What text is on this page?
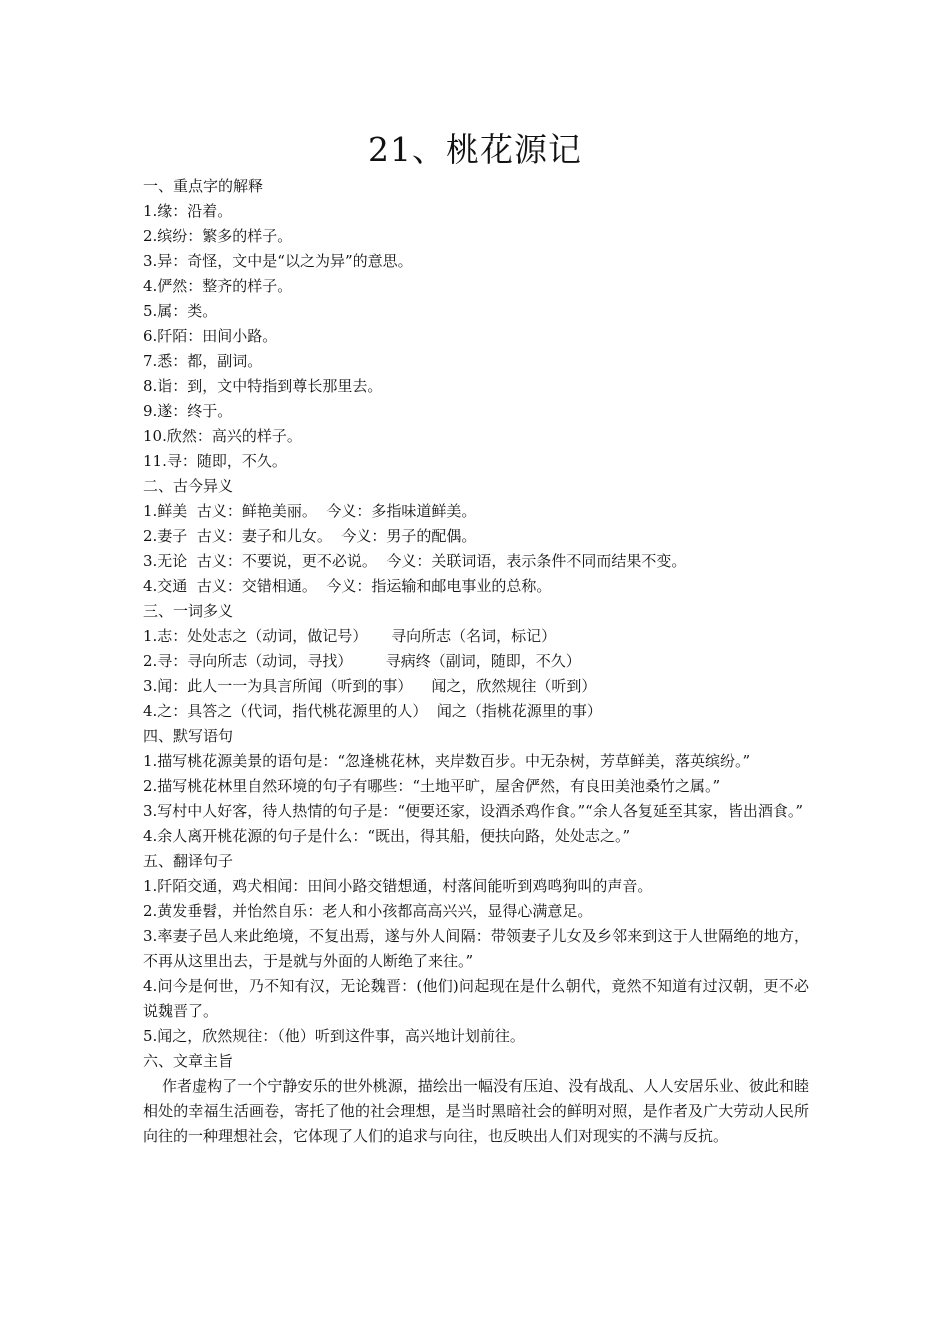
21、桃花源记

一、重点字的解释

1.缘：沿着。

2.缤纷：繁多的样子。

3.异：奇怪，文中是“以之为异”的意思。

4.俨然：整齐的样子。

5.属：类。

6.阡陌：田间小路。

7.悉：都，副词。

8.诣：到，文中特指到尊长那里去。

9.遂：终于。

10.欣然：高兴的样子。

11.寻：随即，不久。

二、古今异义

1.鲜美  古义：鲜艳美丽。  今义：多指味道鲜美。

2.妻子  古义：妻子和儿女。  今义：男子的配偶。

3.无论  古义：不要说，更不必说。  今义：关联词语，表示条件不同而结果不变。

4.交通  古义：交错相通。  今义：指运输和邮电事业的总称。

三、一词多义

1.志：处处志之（动词，做记号）     寻向所志（名词，标记）

2.寻：寻向所志（动词，寻找）       寻病终（副词，随即，不久）

3.闻：此人一一为具言所闻（听到的事）    闻之，欣然规往（听到）

4.之：具答之（代词，指代桃花源里的人）  闻之（指桃花源里的事）

四、默写语句

1.描写桃花源美景的语句是：“忽逢桃花林，夹岸数百步。中无杂树，芳草鲜美，落英缤纷。”

2.描写桃花林里自然环境的句子有哪些：“土地平旷，屋舍俨然，有良田美池桑竹之属。”

3.写村中人好客，待人热情的句子是：“便要还家，设酒杀鸡作食。”“余人各复延至其家，皆出酒食。”

4.余人离开桃花源的句子是什么：“既出，得其船，便扶向路，处处志之。”

五、翻译句子

1.阡陌交通，鸡犬相闻：田间小路交错想通，村落间能听到鸡鸣狗叫的声音。

2.黄发垂髫，并怡然自乐：老人和小孩都高高兴兴，显得心满意足。

3.率妻子邑人来此绝境，不复出焉，遂与外人间隔：带领妻子儿女及乡邻来到这于人世隔绝的地方，不再从这里出去，于是就与外面的人断绝了来往。”

4.问今是何世，乃不知有汉，无论魏晋：(他们)问起现在是什么朝代，竟然不知道有过汉朝，更不必说魏晋了。

5.闻之，欣然规往：（他）听到这件事，高兴地计划前往。

六、文章主旨

作者虚构了一个宁静安乐的世外桃源，描绘出一幅没有压迫、没有战乱、人人安居乐业、彼此和睦相处的幸福生活画卷，寄托了他的社会理想，是当时黑暗社会的鲜明对照，是作者及广大劳动人民所向往的一种理想社会，它体现了人们的追求与向往，也反映出人们对现实的不满与反抗。
